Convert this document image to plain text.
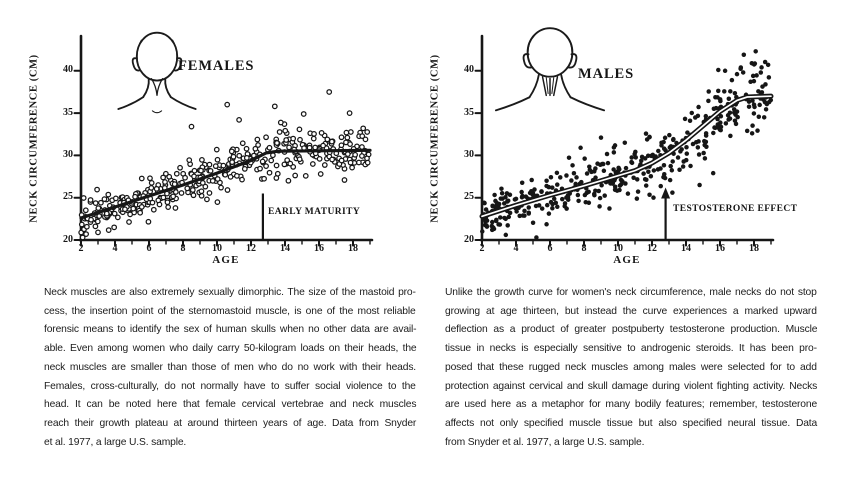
NECK CIRCUMFERENCE (CM)	EARLY MATURITY
AGE
20
25
30
35
40
2	4	6	8	10	12	14	16	18
NECK CIRCUMFERENCE (CM)	TESTOSTERONE EFFECT
AGE
20
25
30
35
40
2	4	6	8	10	12	14	16	18
Neck muscles are also extremely sexually dimorphic. The size of the mastoid pro-
cess, the insertion point of the sternomastoid muscle, is one of the most reliable
forensic means to identify the sex of human skulls when no other data are avail-
able. Even among women who daily carry 50-kilogram loads on their heads, the
neck muscles are smaller than those of men who do no work with their heads.
Females, cross-culturally, do not normally have to suffer social violence to the
head. It can be noted here that female cervical vertebrae and neck muscles
reach their growth plateau at around thirteen years of age. Data from Snyder
et al. 1977, a large U.S. sample.
Unlike the growth curve for women's neck circumference, male necks do not stop
growing at age thirteen, but instead the curve experiences a marked upward
deflection as a product of greater postpuberty testosterone production. Muscle
tissue in necks is especially sensitive to androgenic steroids. It has been pro-
posed that these rugged neck muscles among males were selected for to add
protection against cervical and skull damage during violent fighting activity. Necks
are used here as a metaphor for many bodily features; remember, testosterone
affects not only specified muscle tissue but also specified neural tissue. Data
from Snyder et al. 1977, a large U.S. sample.
